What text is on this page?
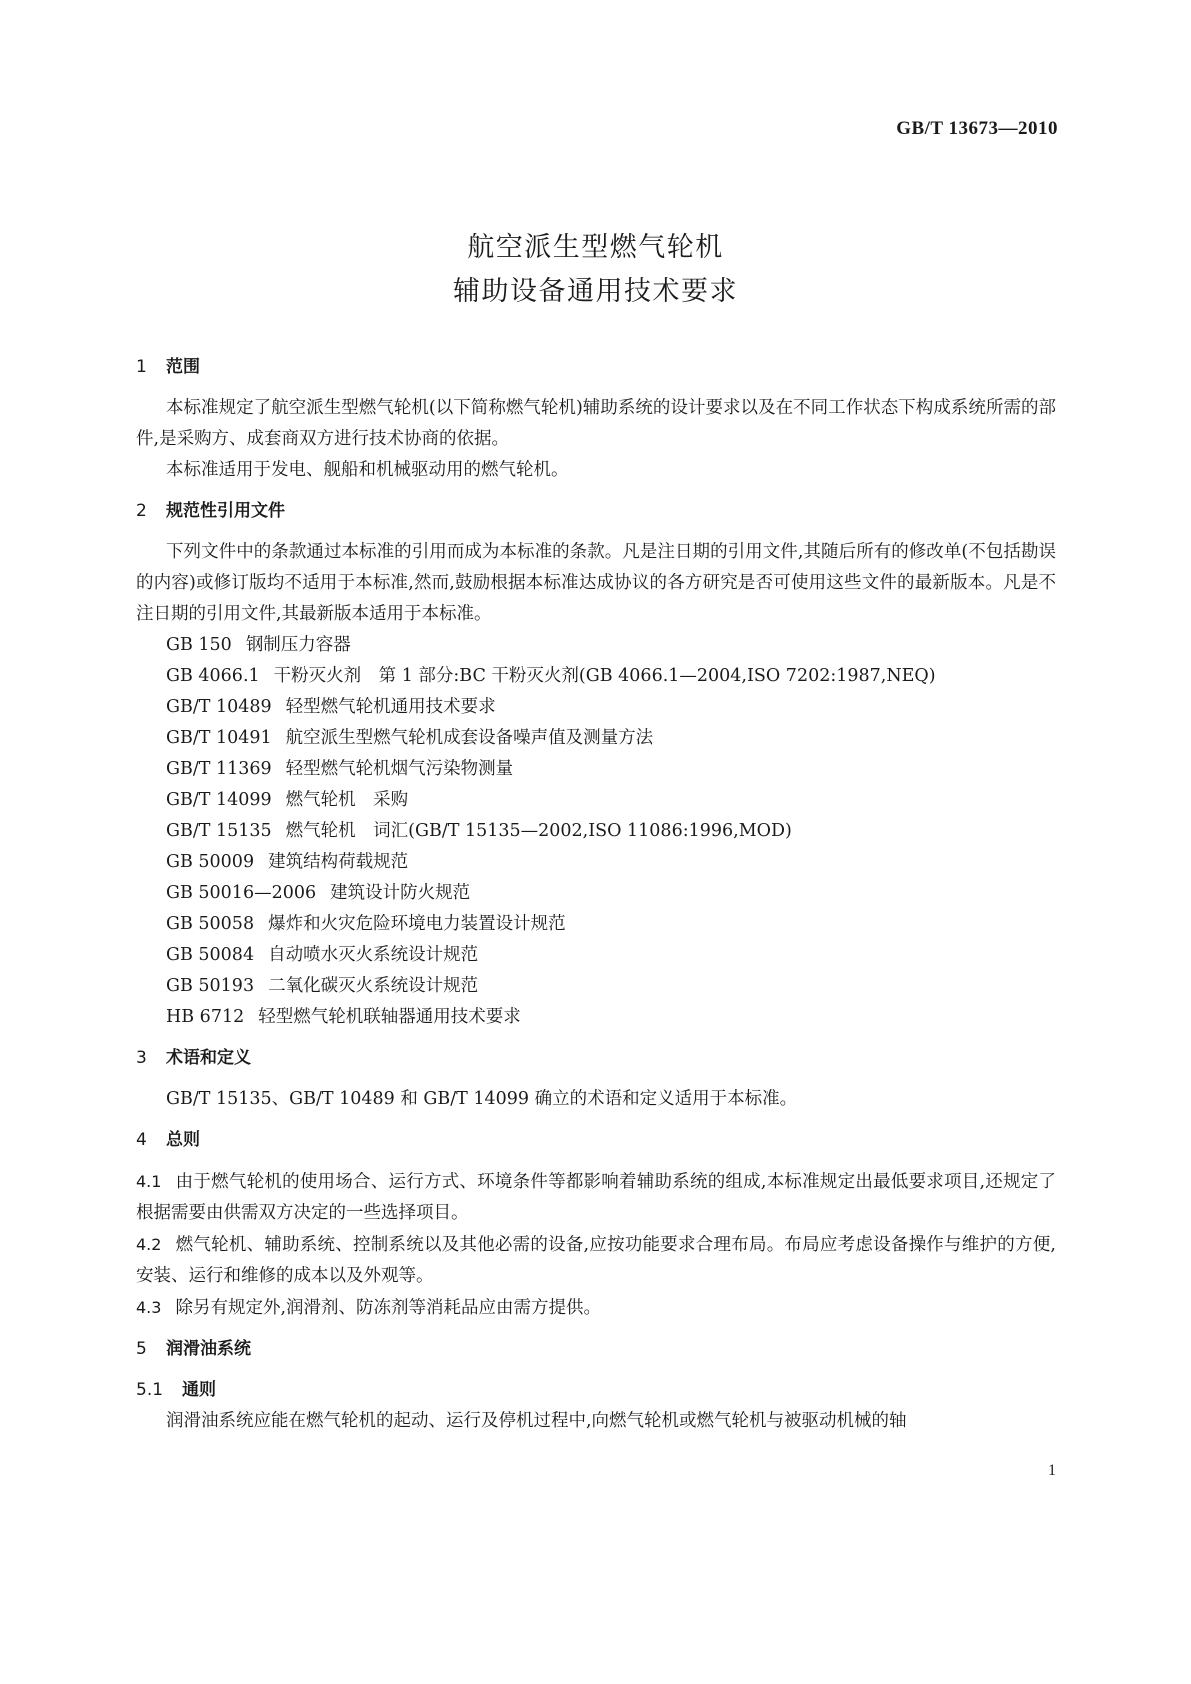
GB/T 13673—2010
航空派生型燃气轮机
辅助设备通用技术要求
1 范围

本标准规定了航空派生型燃气轮机(以下简称燃气轮机)辅助系统的设计要求以及在不同工作状态下构成系统所需的部件,是采购方、成套商双方进行技术协商的依据。

本标准适用于发电、舰船和机械驱动用的燃气轮机。

2 规范性引用文件

下列文件中的条款通过本标准的引用而成为本标准的条款。凡是注日期的引用文件,其随后所有的修改单(不包括勘误的内容)或修订版均不适用于本标准,然而,鼓励根据本标准达成协议的各方研究是否可使用这些文件的最新版本。凡是不注日期的引用文件,其最新版本适用于本标准。

GB 150 钢制压力容器

GB 4066.1 干粉灭火剂　第 1 部分:BC 干粉灭火剂(GB 4066.1—2004,ISO 7202:1987,NEQ)

GB/T 10489 轻型燃气轮机通用技术要求

GB/T 10491 航空派生型燃气轮机成套设备噪声值及测量方法

GB/T 11369 轻型燃气轮机烟气污染物测量

GB/T 14099 燃气轮机　采购

GB/T 15135 燃气轮机　词汇(GB/T 15135—2002,ISO 11086:1996,MOD)

GB 50009 建筑结构荷载规范

GB 50016—2006 建筑设计防火规范

GB 50058 爆炸和火灾危险环境电力装置设计规范

GB 50084 自动喷水灭火系统设计规范

GB 50193 二氧化碳灭火系统设计规范

HB 6712 轻型燃气轮机联轴器通用技术要求

3 术语和定义

GB/T 15135、GB/T 10489 和 GB/T 14099 确立的术语和定义适用于本标准。

4 总则

4.1 由于燃气轮机的使用场合、运行方式、环境条件等都影响着辅助系统的组成,本标准规定出最低要求项目,还规定了根据需要由供需双方决定的一些选择项目。

4.2 燃气轮机、辅助系统、控制系统以及其他必需的设备,应按功能要求合理布局。布局应考虑设备操作与维护的方便,安装、运行和维修的成本以及外观等。

4.3 除另有规定外,润滑剂、防冻剂等消耗品应由需方提供。

5 润滑油系统
5.1 通则

润滑油系统应能在燃气轮机的起动、运行及停机过程中,向燃气轮机或燃气轮机与被驱动机械的轴

1
